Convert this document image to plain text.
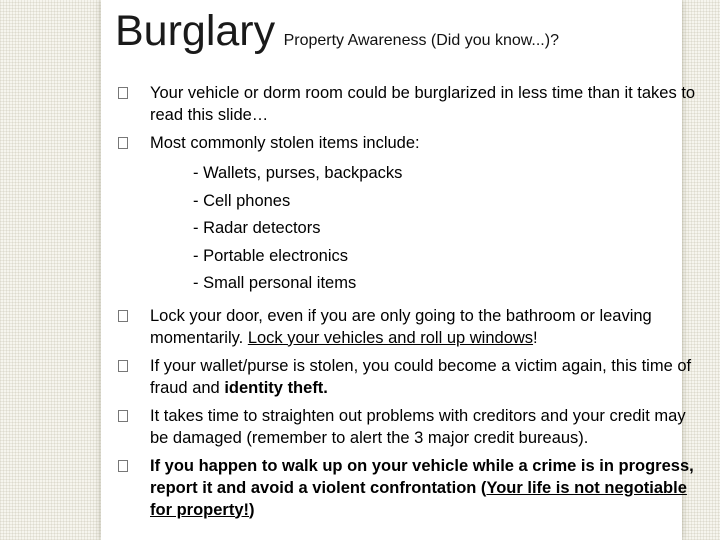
Burglary Property Awareness (Did you know...)?
Your vehicle or dorm room could be burglarized in less time than it takes to read this slide…
Most commonly stolen items include:
- Wallets, purses, backpacks
- Cell phones
- Radar detectors
- Portable electronics
- Small personal items
Lock your door, even if you are only going to the bathroom or leaving momentarily. Lock your vehicles and roll up windows!
If your wallet/purse is stolen, you could become a victim again, this time of fraud and identity theft.
It takes time to straighten out problems with creditors and your credit may be damaged (remember to alert the 3 major credit bureaus).
If you happen to walk up on your vehicle while a crime is in progress, report it and avoid a violent confrontation (Your life is not negotiable for property!)
